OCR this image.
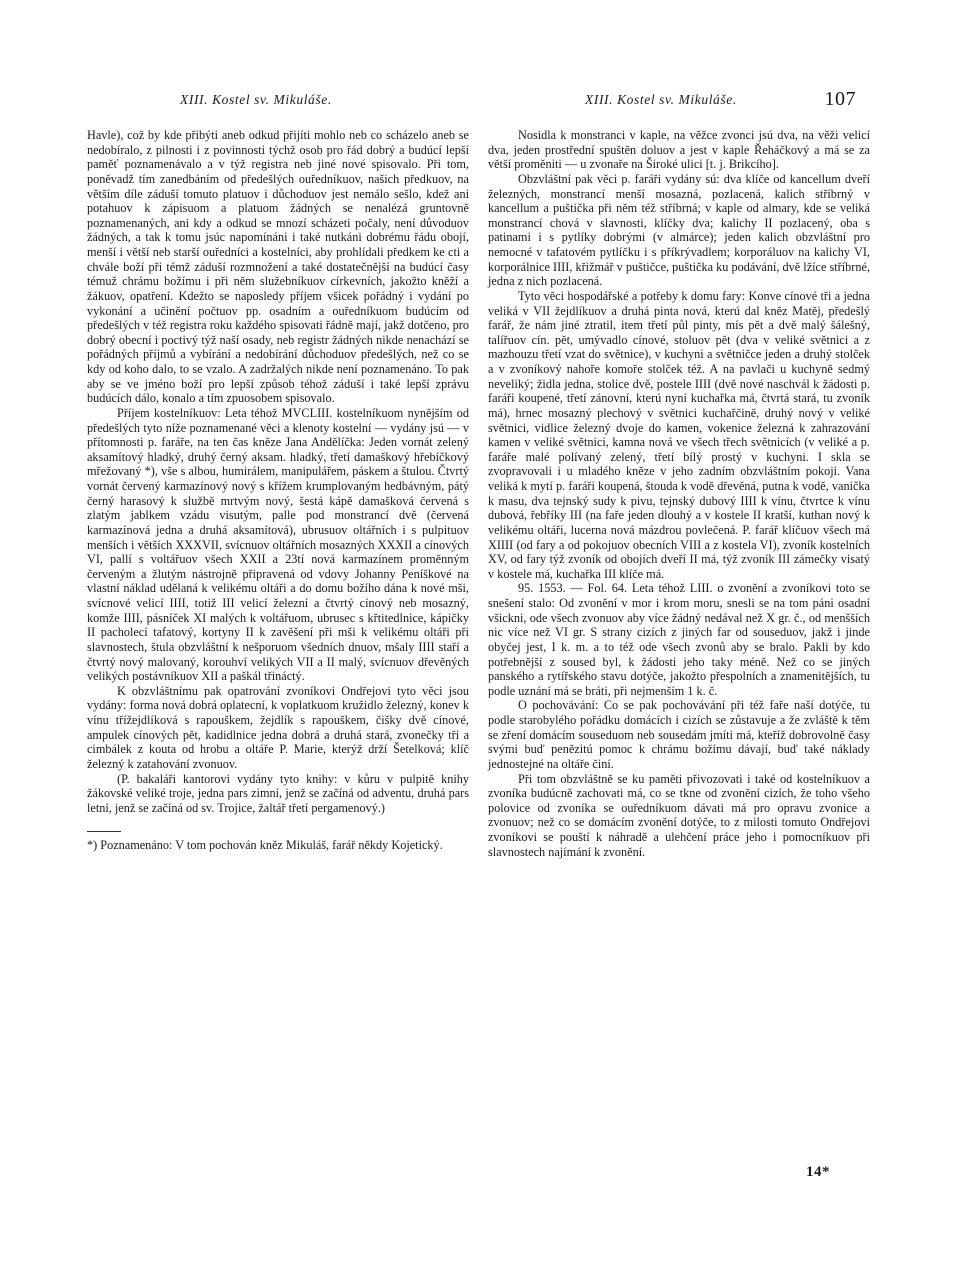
XIII. Kostel sv. Mikuláše.	XIII. Kostel sv. Mikuláše.	107

Havle), což by kde přibýti aneb odkud přijíti mohlo neb co scházelo aneb se nedobíralo, z pilnosti i z povinnosti týchž osob pro řád dobrý a budúcí lepší paměť poznamenávalo a v týž registra neb jiné nové spisovalo. Při tom, poněvadž tím zanedbáním od předešlých ouředníkuov, našich předkuov, na větším díle záduší tomuto platuov i důchoduov jest nemálo sešlo, kdež ani potahuov k zápisuom a platuom žádných se nenalézá gruntovně poznamenaných, ani kdy a odkud se mnozí scházeti počaly, není důvoduov žádných, a tak k tomu jsúc napomínáni i také nutkáni dobrému řádu obojí, menší i větší neb starší ouředníci a kostelníci, aby prohlídali předkem ke cti a chvále boží při témž záduší rozmnožení a také dostatečnější na budúcí časy témuž chrámu božímu i při něm služebníkuov církevních, jakožto kněží a žákuov, opatření. Kdežto se naposledy příjem všicek pořádný i vydání po vykonání a učinění počtuov pp. osadním a ouředníkuom budúcím od předešlých v též registra roku každého spisovati řádně mají, jakž dotčeno, pro dobrý obecní i poctivý týž naší osady, neb registr žádných nikde nenachází se pořádných příjmů a vybírání a nedobírání důchoduov předešlých, než co se kdy od koho dalo, to se vzalo. A zadržalých nikde není poznamenáno. To pak aby se ve jméno boží pro lepší způsob téhož záduší i také lepší zprávu budúcích dálo, konalo a tím zpuosobem spisovalo.

Příjem kostelníkuov: Leta téhož MVCLIII. kostelníkuom nynějším od předešlých tyto níže poznamenané věci a klenoty kostelní — vydány jsú — v přítomnosti p. faráře, na ten čas kněze Jana Andělíčka: Jeden vornát zelený aksamítový hladký, druhý černý aksam. hladký, třetí damaškový hřebíčkový mřežovaný *), vše s albou, humirálem, manipulářem, páskem a štulou. Čtvrtý vornát červený karmazínový nový s křížem krumplovaným hedbávným, pátý černý harasový k službě mrtvým nový, šestá kápě damašková červená s zlatým jablkem vzádu visutým, palle pod monstrancí dvě (červená karmazínová jedna a druhá aksamítová), ubrusuov oltářních i s pulpituov menších i větších XXXVII, svícnuov oltářních mosazných XXXII a cínových VI, pallí s voltářuov všech XXII a 23tí nová karmazínem proměnným červeným a žlutým nástrojně připravená od vdovy Johanny Peníškové na vlastní náklad udělaná k velikému oltáři a do domu božího dána k nové mši, svícnové velicí IIII, totiž III velicí železní a čtvrtý cínový neb mosazný, komže IIII, pásníček XI malých k voltářuom, ubrusec s křtitedlnice, kápičky II pacholecí tafatový, kortyny II k zavěšení při mši k velikému oltáři při slavnostech, štula obzvláštní k nešporuom všedních dnuov, mšaly IIII staří a čtvrtý nový malovaný, korouhví velikých VII a II malý, svícnuov dřevěných velikých postávníkuov XII a paškál třináctý.

K obzvláštnímu pak opatrování zvoníkovi Ondřejovi tyto věci jsou vydány: forma nová dobrá oplatecní, k voplatkuom kružidlo železný, konev k vínu třížejdlíková s rapouškem, žejdlík s rapouškem, čišky dvě cínové, ampulek cínových pět, kadidlnice jedna dobrá a druhá stará, zvonečky tři a cimbálek z kouta od hrobu a oltáře P. Marie, kterýž drží Šetelková; klíč železný k zatahování zvonuov.

(P. bakaláři kantorovi vydány tyto knihy: v kůru v pulpitě knihy žákovské veliké troje, jedna pars zimní, jenž se začíná od adventu, druhá pars letní, jenž se začíná od sv. Trojice, žaltář třetí pergamenový.)

*) Poznamenáno: V tom pochován kněz Mikuláš, farář někdy Kojetický.

Nosidla k monstranci v kaple, na věžce zvonci jsú dva, na věži velicí dva, jeden prostřední spuštěn doluov a jest v kaple Řeháčkový a má se za větší proměniti — u zvonaře na Široké ulici [t. j. Brikcího].

Obzvláštní pak věci p. faráři vydány sú: dva klíče od kancellum dveří železných, monstrancí menší mosazná, pozlacená, kalich stříbrný v kancellum a puštička při něm též stříbrná; v kaple od almary, kde se veliká monstrancí chová v slavnosti, klíčky dva; kalichy II pozlacený, oba s patinami i s pytlíky dobrými (v almárce); jeden kalich obzvláštní pro nemocné v tafatovém pytlíčku i s příkrývadlem; korporáluov na kalichy VI, korporálnice IIII, křižmář v puštičce, puštička ku podávání, dvě lžíce stříbrné, jedna z nich pozlacená.

Tyto věci hospodářské a potřeby k domu fary: Konve cínové tři a jedna veliká v VII žejdlíkuov a druhá pinta nová, kterú dal kněz Matěj, předešlý farář, že nám jiné ztratil, item třetí půl pinty, mís pět a dvě malý šálešný, talířuov cín. pět, umývadlo cínové, stoluov pět (dva v veliké světnici a z mazhouzu třetí vzat do světnice), v kuchyni a světničce jeden a druhý stolček a v zvoníkový nahoře komoře stolček též. A na pavlači u kuchyně sedmý neveliký; židla jedna, stolice dvě, postele IIII (dvě nové naschvál k žádosti p. faráři koupené, třetí zánovní, kterú nyní kuchařka má, čtvrtá stará, tu zvoník má), hrnec mosazný plechový v světnici kuchařčině, druhý nový v veliké světnici, vidlice železný dvoje do kamen, vokenice železná k zahrazování kamen v veliké světnici, kamna nová ve všech třech světnicích (v veliké a p. faráře malé polívaný zelený, třetí bílý prostý v kuchyni. I skla se zvopravovali i u mladého kněze v jeho zadním obzvláštním pokoji. Vana veliká k mytí p. faráři koupená, štouda k vodě dřevěná, putna k vodě, vanička k masu, dva tejnský sudy k pivu, tejnský dubový IIII k vínu, čtvrtce k vínu dubová, řebříky III (na faře jeden dlouhý a v kostele II kratší, kuthan nový k velikému oltáři, lucerna nová mázdrou povlečená. P. farář klíčuov všech má XIIII (od fary a od pokojuov obecních VIII a z kostela VI), zvoník kostelních XV, od fary týž zvoník od obojích dveří II má, týž zvoník III zámečky visatý v kostele má, kuchařka III klíče má.

95. 1553. — Fol. 64. Leta téhož LIII. o zvonění a zvoníkovi toto se snešení stalo: Od zvonění v mor i krom moru, snesli se na tom páni osadní všickni, ode všech zvonuov aby více žádný nedával než X gr. č., od menšších nic více než VI gr. S strany cizích z jiných far od souseduov, jakž i jinde obyčej jest, I k. m. a to též ode všech zvonů aby se bralo. Pakli by kdo potřebnější z soused byl, k žádosti jeho taky méně. Než co se jiných panského a rytířského stavu dotýče, jakožto přespolních a znamenitějších, tu podle uznání má se bráti, při nejmenším 1 k. č.

O pochovávání: Co se pak pochovávání při též faře naší dotýče, tu podle starobylého pořádku domácích i cizích se zůstavuje a že zvláště k těm se zření domácím souseduom neb sousedám jmíti má, kteříž dobrovolně časy svými buď penězitú pomoc k chrámu božímu dávají, buď také náklady jednostejné na oltáře činí.

Při tom obzvláštně se ku paměti přivozovati i také od kostelníkuov a zvoníka budúcně zachovati má, co se tkne od zvonění cizích, že toho všeho polovice od zvoníka se ouředníkuom dávati má pro opravu zvonice a zvonuov; než co se domácím zvonění dotýče, to z milosti tomuto Ondřejovi zvoníkovi se pouští k náhradě a ulehčení práce jeho i pomocníkuov při slavnostech najímání k zvonění.

14*
